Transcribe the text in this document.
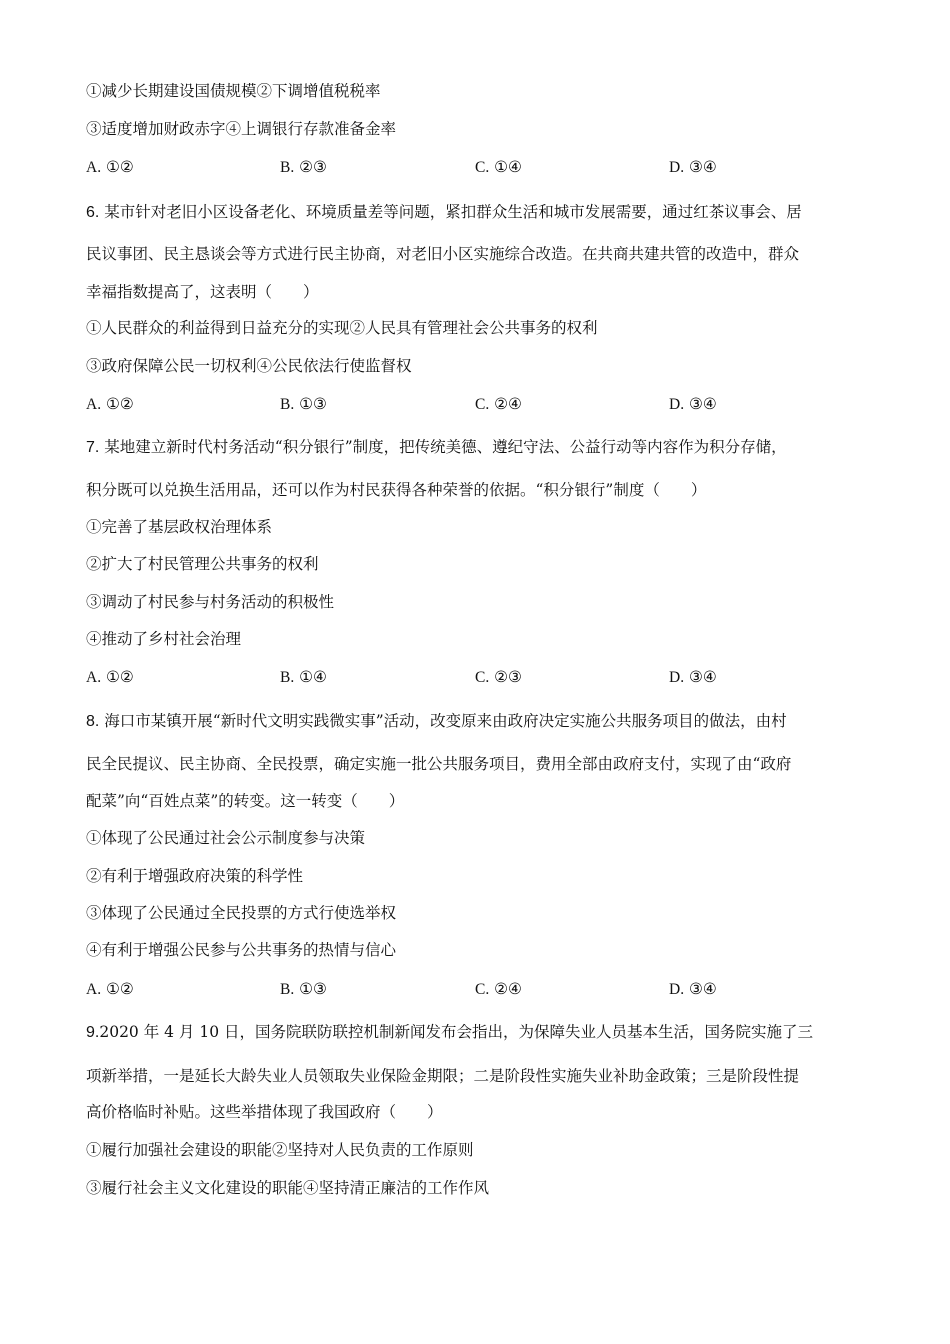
①减少长期建设国债规模②下调增值税税率
③适度增加财政赤字④上调银行存款准备金率
A. ①②	B. ②③	C. ①④	D. ③④
6. 某市针对老旧小区设备老化、环境质量差等问题，紧扣群众生活和城市发展需要，通过红茶议事会、居
民议事团、民主恳谈会等方式进行民主协商，对老旧小区实施综合改造。在共商共建共管的改造中，群众
幸福指数提高了，这表明（　　）
①人民群众的利益得到日益充分的实现②人民具有管理社会公共事务的权利
③政府保障公民一切权利④公民依法行使监督权
A. ①②	B. ①③	C. ②④	D. ③④
7. 某地建立新时代村务活动“积分银行”制度，把传统美德、遵纪守法、公益行动等内容作为积分存储，
积分既可以兑换生活用品，还可以作为村民获得各种荣誉的依据。“积分银行”制度（　　）
①完善了基层政权治理体系
②扩大了村民管理公共事务的权利
③调动了村民参与村务活动的积极性
④推动了乡村社会治理
A. ①②	B. ①④	C. ②③	D. ③④
8. 海口市某镇开展“新时代文明实践微实事”活动，改变原来由政府决定实施公共服务项目的做法，由村
民全民提议、民主协商、全民投票，确定实施一批公共服务项目，费用全部由政府支付，实现了由“政府
配菜”向“百姓点菜”的转变。这一转变（　　）
①体现了公民通过社会公示制度参与决策
②有利于增强政府决策的科学性
③体现了公民通过全民投票的方式行使选举权
④有利于增强公民参与公共事务的热情与信心
A. ①②	B. ①③	C. ②④	D. ③④
9.2020 年 4 月 10 日，国务院联防联控机制新闻发布会指出，为保障失业人员基本生活，国务院实施了三
项新举措，一是延长大龄失业人员领取失业保险金期限；二是阶段性实施失业补助金政策；三是阶段性提
高价格临时补贴。这些举措体现了我国政府（　　）
①履行加强社会建设的职能②坚持对人民负责的工作原则
③履行社会主义文化建设的职能④坚持清正廉洁的工作作风
